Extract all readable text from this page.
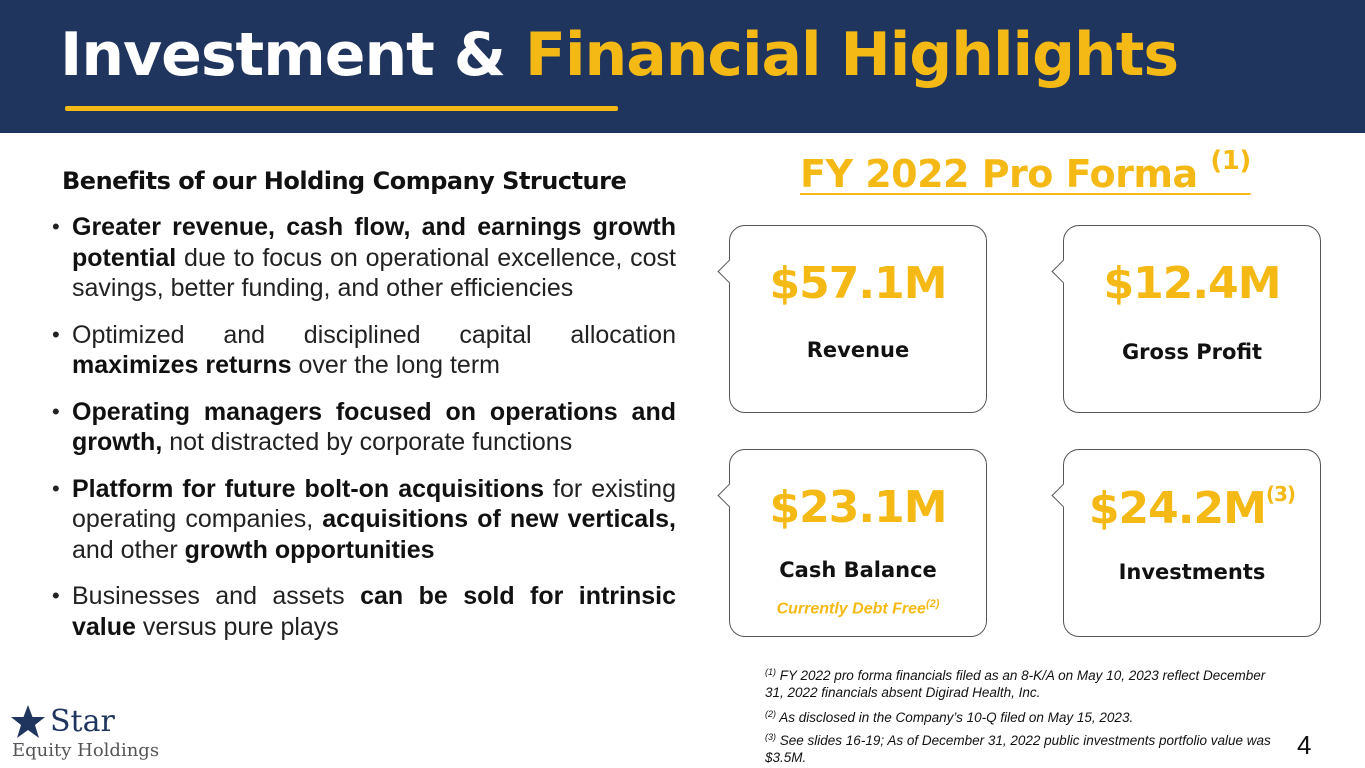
Investment & Financial Highlights
Benefits of our Holding Company Structure
• Greater revenue, cash flow, and earnings growth potential due to focus on operational excellence, cost savings, better funding, and other efficiencies
• Optimized and disciplined capital allocation maximizes returns over the long term
• Operating managers focused on operations and growth, not distracted by corporate functions
• Platform for future bolt-on acquisitions for existing operating companies, acquisitions of new verticals, and other growth opportunities
• Businesses and assets can be sold for intrinsic value versus pure plays
FY 2022 Pro Forma $^{(1)}$
$57.1M
Revenue
$12.4M
Gross Profit
$23.1M
Cash Balance
Currently Debt Free$^{(2)}$
$\$24.2M^{(3)}$
Investments
$^{(1)}$ FY 2022 pro forma financials filed as an 8-K/A on May 10, 2023 reflect December 31, 2022 financials absent Digirad Health, Inc.
$^{(2)}$ As disclosed in the Company’s 10-Q filed on May 15, 2023.
$^{(3)}$ See slides 16-19; As of December 31, 2022 public investments portfolio value was $3.5M.	4
Star
Equity Holdings
